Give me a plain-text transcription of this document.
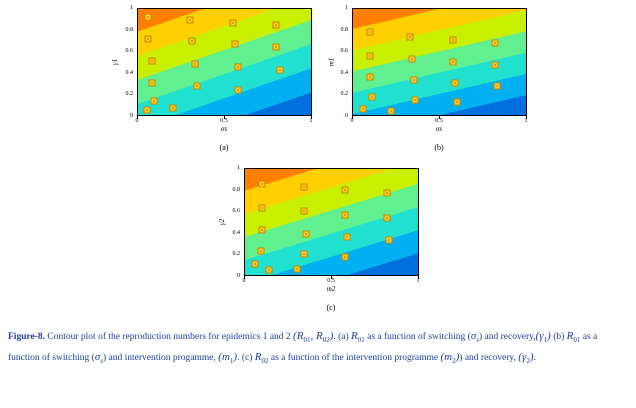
0	0.5	1
0
0.2
0.4
0.6
0.8
1
σs
γ1
(a)
0	0.5	1
0
0.2
0.4
0.6
0.8
1
σs
m1
(b)
0	0.5	1
0
0.2
0.4
0.6
0.8
1
m2
γ2
(c)
Figure-8. Contour plot of the reproduction numbers for epidemics 1 and 2 ($R_{01}$, $R_{02}$). (a) $R_{01}$ as a function of switching $(\sigma_s)$ and $recovery,(\gamma_1)$ (b) $R_{01}$ as a function of switching $(\sigma_s)$ and intervention progamme, $(m_1)$. (c) $R_{02}$ as a function of the intervention programme $(m_2)$) and recovery, $(\gamma_2)$.
